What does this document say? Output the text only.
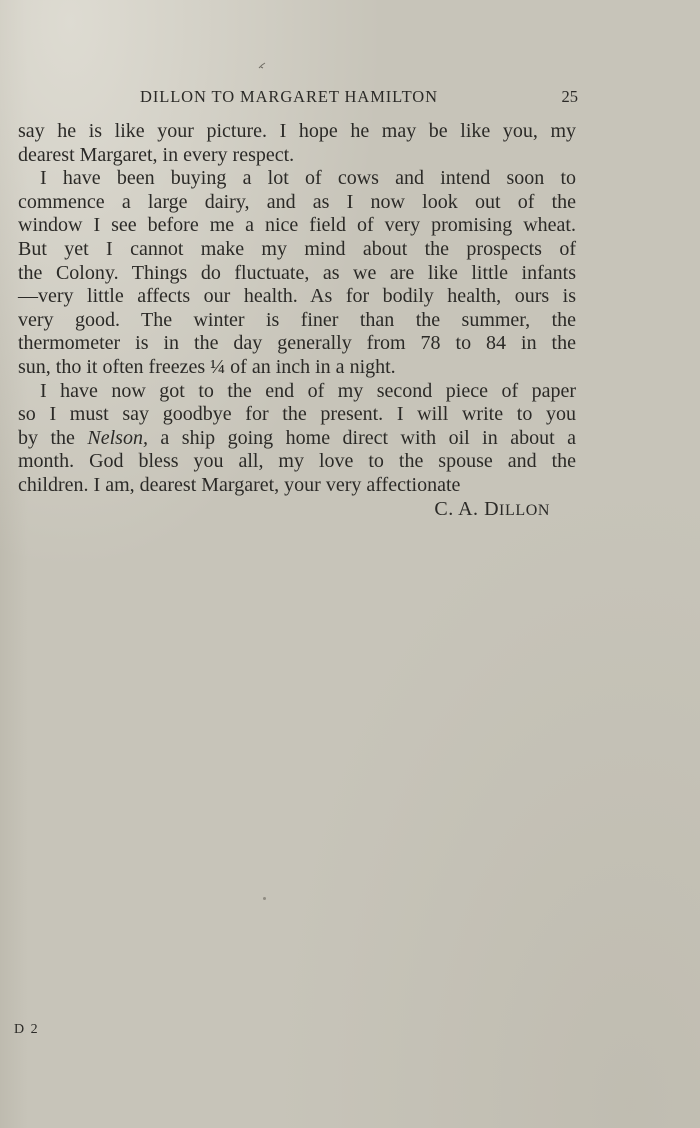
DILLON TO MARGARET HAMILTON	25
say he is like your picture. I hope he may be like you, my
dearest Margaret, in every respect.
I have been buying a lot of cows and intend soon to
commence a large dairy, and as I now look out of the
window I see before me a nice field of very promising wheat.
But yet I cannot make my mind about the prospects of
the Colony. Things do fluctuate, as we are like little infants
—very little affects our health. As for bodily health, ours is
very good. The winter is finer than the summer, the
thermometer is in the day generally from 78 to 84 in the
sun, tho it often freezes ¼ of an inch in a night.
I have now got to the end of my second piece of paper
so I must say goodbye for the present. I will write to you
by the Nelson, a ship going home direct with oil in about a
month. God bless you all, my love to the spouse and the
children. I am, dearest Margaret, your very affectionate
C. A. DILLON
D 2
